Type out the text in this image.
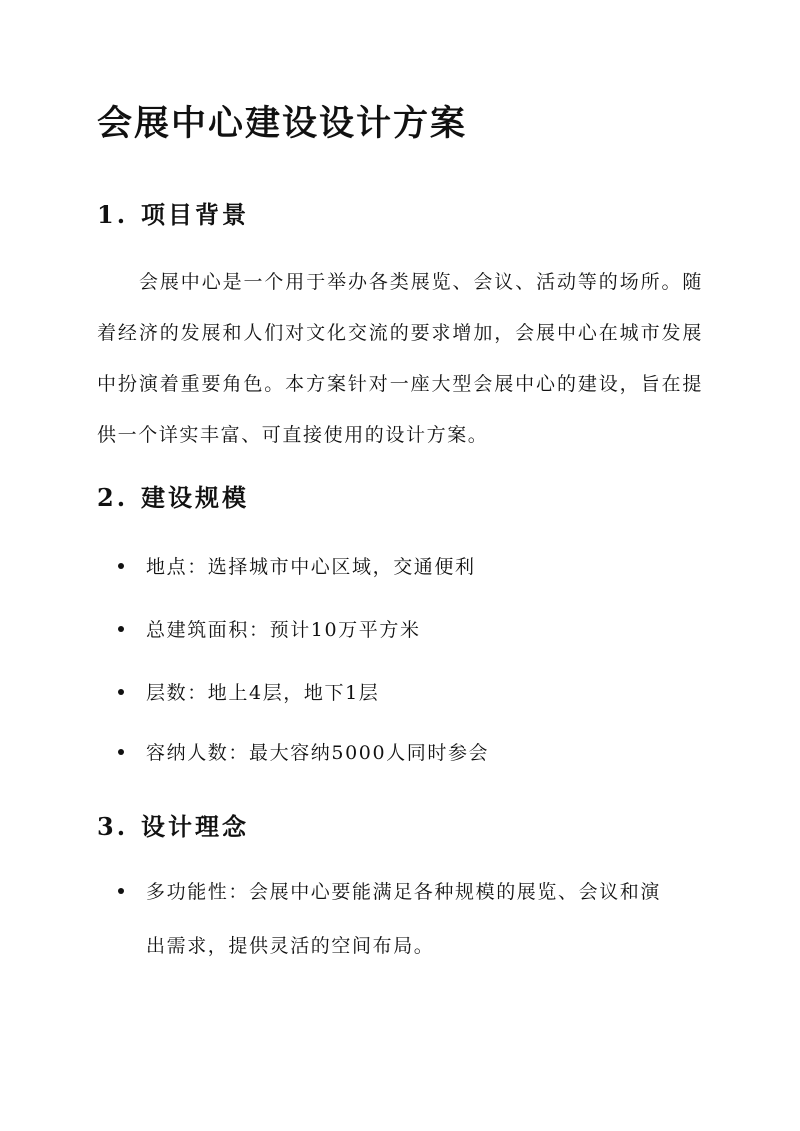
会展中心建设设计方案
1. 项目背景

会展中心是一个用于举办各类展览、会议、活动等的场所。随着经济的发展和人们对文化交流的要求增加，会展中心在城市发展中扮演着重要角色。本方案针对一座大型会展中心的建设，旨在提供一个详实丰富、可直接使用的设计方案。

2. 建设规模
地点：选择城市中心区域，交通便利
总建筑面积：预计10万平方米
层数：地上4层，地下1层
容纳人数：最大容纳5000人同时参会
3. 设计理念
多功能性：会展中心要能满足各种规模的展览、会议和演出需求，提供灵活的空间布局。
